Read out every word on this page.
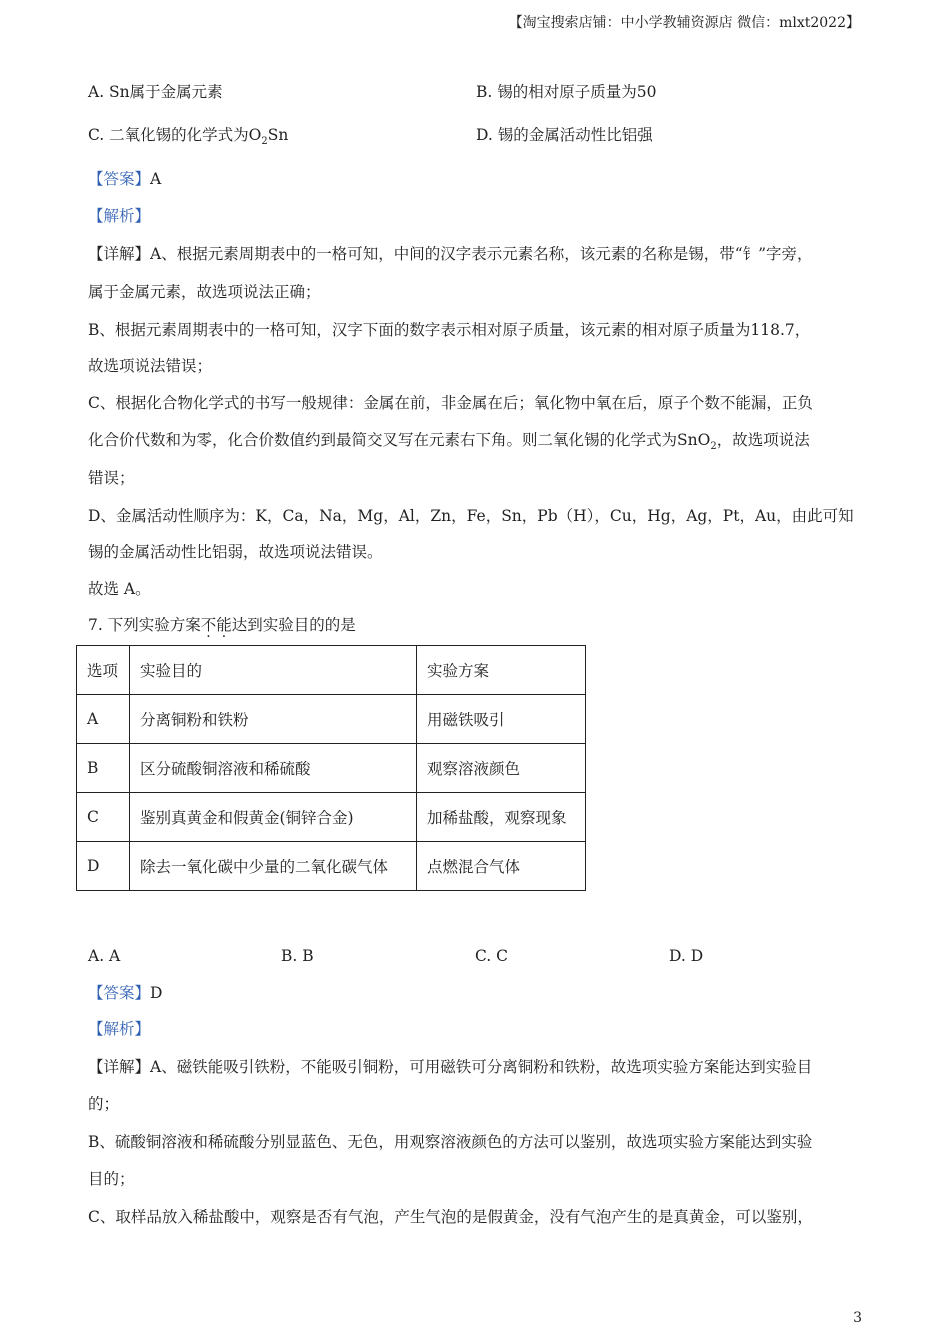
【淘宝搜索店铺：中小学教辅资源店 微信：mlxt2022】
A. Sn属于金属元素	B. 锡的相对原子质量为50
C. 二氧化锡的化学式为$O_2Sn$	D. 锡的金属活动性比铝强
【答案】A
【解析】
【详解】A、根据元素周期表中的一格可知，中间的汉字表示元素名称，该元素的名称是锡，带“钅”字旁，
属于金属元素，故选项说法正确；
B、根据元素周期表中的一格可知，汉字下面的数字表示相对原子质量，该元素的相对原子质量为118.7，
故选项说法错误；
C、根据化合物化学式的书写一般规律：金属在前，非金属在后；氧化物中氧在后，原子个数不能漏，正负
化合价代数和为零，化合价数值约到最简交叉写在元素右下角。则二氧化锡的化学式为SnO$_2$，故选项说法
错误；
D、金属活动性顺序为：K，Ca，Na，Mg，Al，Zn，Fe，Sn，Pb（H），Cu，Hg，Ag，Pt，Au，由此可知
锡的金属活动性比铝弱，故选项说法错误。
故选 A。
7. 下列实验方案不能达到实验目的的是
选项	实验目的	实验方案
A	分离铜粉和铁粉	用磁铁吸引
B	区分硫酸铜溶液和稀硫酸	观察溶液颜色
C	鉴别真黄金和假黄金(铜锌合金)	加稀盐酸，观察现象
D	除去一氧化碳中少量的二氧化碳气体	点燃混合气体
A. A	B. B	C. C	D. D
【答案】D
【解析】
【详解】A、磁铁能吸引铁粉，不能吸引铜粉，可用磁铁可分离铜粉和铁粉，故选项实验方案能达到实验目
的；
B、硫酸铜溶液和稀硫酸分别显蓝色、无色，用观察溶液颜色的方法可以鉴别，故选项实验方案能达到实验
目的；
C、取样品放入稀盐酸中，观察是否有气泡，产生气泡的是假黄金，没有气泡产生的是真黄金，可以鉴别，
3
